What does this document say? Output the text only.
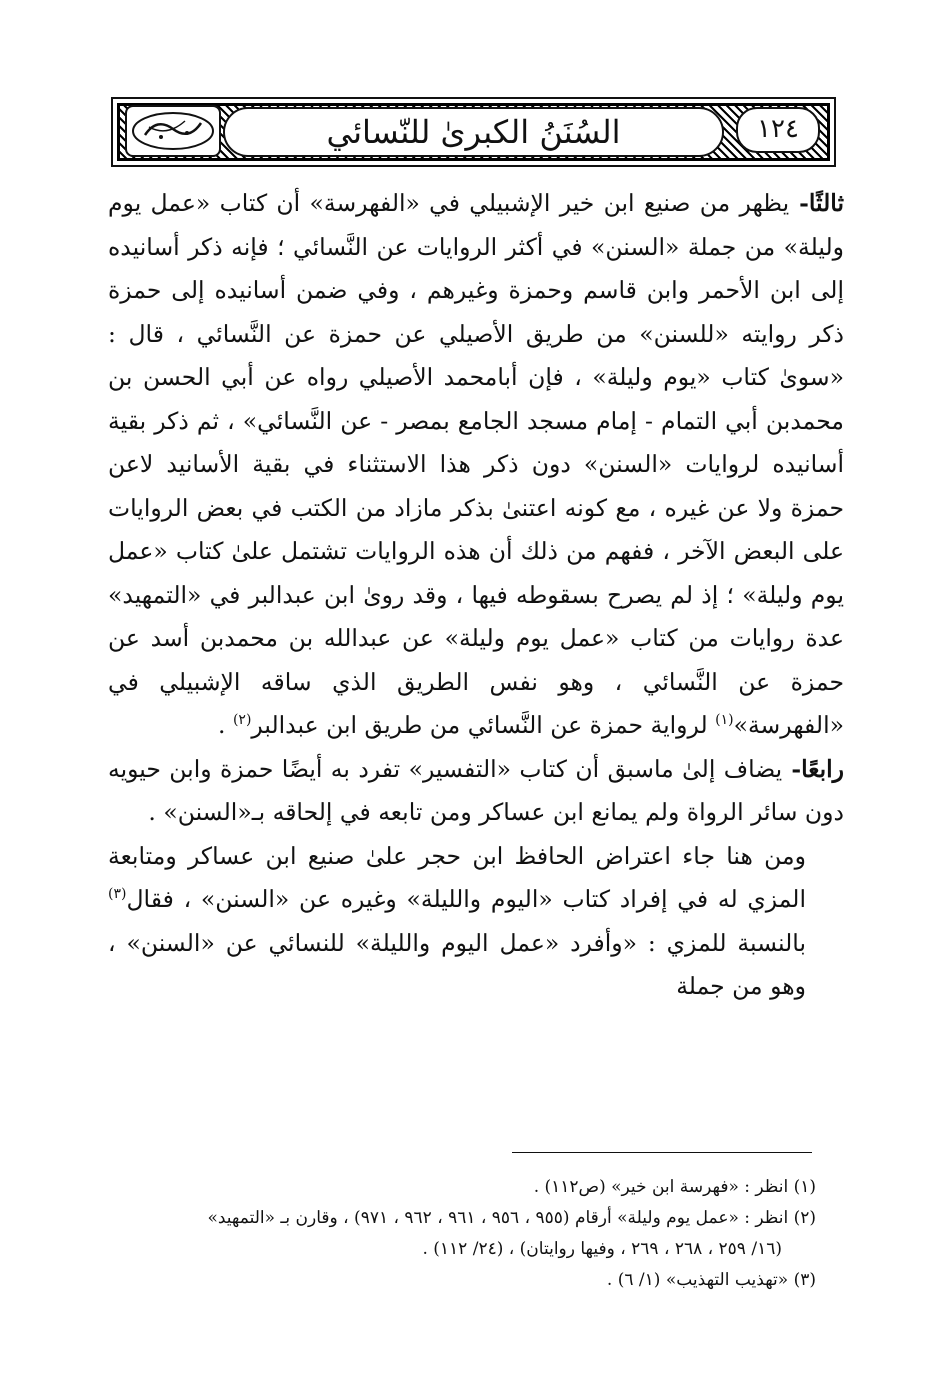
السُنَنُ الكبرىٰ للنّسائي	١٢٤

ثالثًا- يظهر من صنيع ابن خير الإشبيلي في «الفهرسة» أن كتاب «عمل يوم وليلة» من جملة «السنن» في أكثر الروايات عن النَّسائي ؛ فإنه ذكر أسانيده إلى ابن الأحمر وابن قاسم وحمزة وغيرهم ، وفي ضمن أسانيده إلى حمزة ذكر روايته «للسنن» من طريق الأصيلي عن حمزة عن النَّسائي ، قال : «سوىٰ كتاب «يوم وليلة» ، فإن أبامحمد الأصيلي رواه عن أبي الحسن بن محمدبن أبي التمام - إمام مسجد الجامع بمصر - عن النَّسائي» ، ثم ذكر بقية أسانيده لروايات «السنن» دون ذكر هذا الاستثناء في بقية الأسانيد لاعن حمزة ولا عن غيره ، مع كونه اعتنىٰ بذكر مازاد من الكتب في بعض الروايات على البعض الآخر ، ففهم من ذلك أن هذه الروايات تشتمل علىٰ كتاب «عمل يوم وليلة» ؛ إذ لم يصرح بسقوطه فيها ، وقد روىٰ ابن عبدالبر في «التمهيد» عدة روايات من كتاب «عمل يوم وليلة» عن عبدالله بن محمدبن أسد عن حمزة عن النَّسائي ، وهو نفس الطريق الذي ساقه الإشبيلي في «الفهرسة»$^{(١)}$ لرواية حمزة عن النَّسائي من طريق ابن عبدالبر$^{(٢)}$ .

رابعًا- يضاف إلىٰ ماسبق أن كتاب «التفسير» تفرد به أيضًا حمزة وابن حيويه دون سائر الرواة ولم يمانع ابن عساكر ومن تابعه في إلحاقه بـ«السنن» .

ومن هنا جاء اعتراض الحافظ ابن حجر علىٰ صنيع ابن عساكر ومتابعة المزي له في إفراد كتاب «اليوم والليلة» وغيره عن «السنن» ، فقال$^{(٣)}$ بالنسبة للمزي : «وأفرد «عمل اليوم والليلة» للنسائي عن «السنن» ، وهو من جملة

(١) انظر : «فهرسة ابن خير» (ص١١٢) .

(٢) انظر : «عمل يوم وليلة» أرقام (٩٥٥ ، ٩٥٦ ، ٩٦١ ، ٩٦٢ ، ٩٧١) ، وقارن بـ «التمهيد»

(١٦/ ٢٥٩ ، ٢٦٨ ، ٢٦٩ ، وفيها روايتان) ، (٢٤/ ١١٢) .

(٣) «تهذيب التهذيب» (١/ ٦) .
